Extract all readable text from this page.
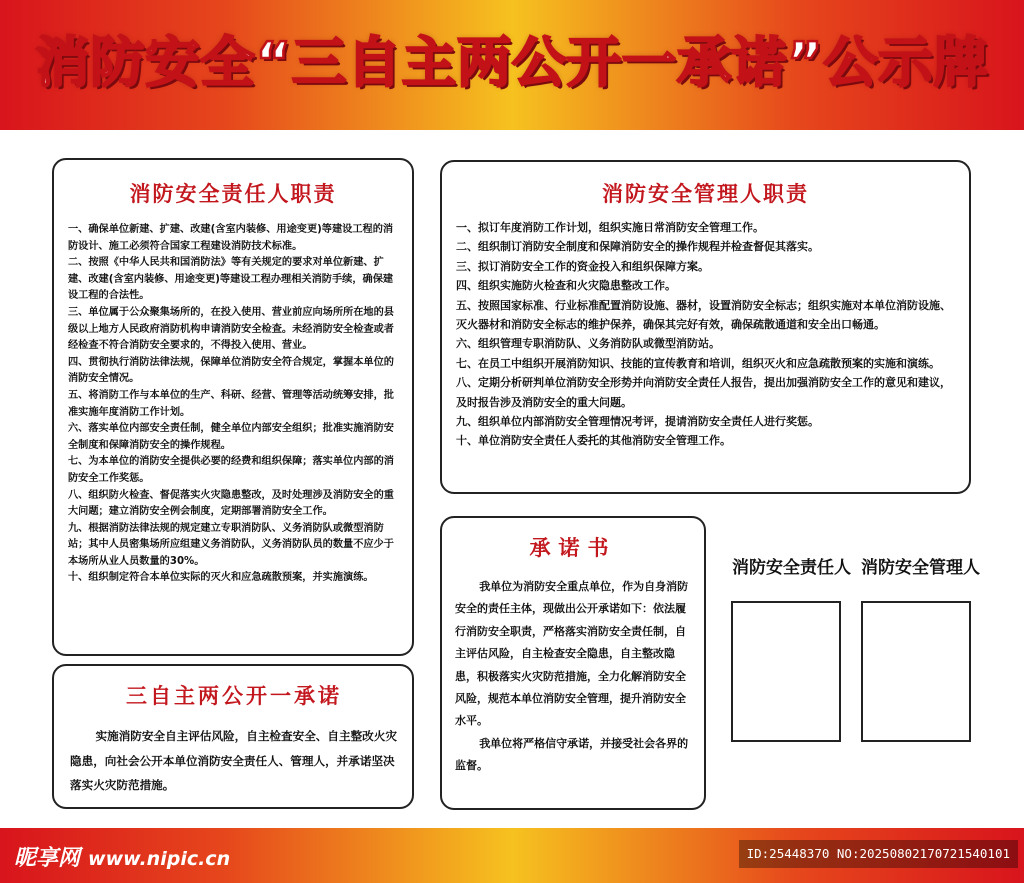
消防安全“三自主两公开一承诺”公示牌
消防安全责任人职责
一、确保单位新建、扩建、改建(含室内装修、用途变更)等建设工程的消防设计、施工必须符合国家工程建设消防技术标准。
二、按照《中华人民共和国消防法》等有关规定的要求对单位新建、扩建、改建(含室内装修、用途变更)等建设工程办理相关消防手续，确保建设工程的合法性。
三、单位属于公众聚集场所的，在投入使用、营业前应向场所所在地的县级以上地方人民政府消防机构申请消防安全检查。未经消防安全检查或者经检查不符合消防安全要求的，不得投入使用、营业。
四、贯彻执行消防法律法规，保障单位消防安全符合规定，掌握本单位的消防安全情况。
五、将消防工作与本单位的生产、科研、经营、管理等活动统筹安排，批准实施年度消防工作计划。
六、落实单位内部安全责任制，健全单位内部安全组织；批准实施消防安全制度和保障消防安全的操作规程。
七、为本单位的消防安全提供必要的经费和组织保障；落实单位内部的消防安全工作奖惩。
八、组织防火检查、督促落实火灾隐患整改，及时处理涉及消防安全的重大问题；建立消防安全例会制度，定期部署消防安全工作。
九、根据消防法律法规的规定建立专职消防队、义务消防队或微型消防站；其中人员密集场所应组建义务消防队，义务消防队员的数量不应少于本场所从业人员数量的30%。
十、组织制定符合本单位实际的灭火和应急疏散预案，并实施演练。
消防安全管理人职责
一、拟订年度消防工作计划，组织实施日常消防安全管理工作。
二、组织制订消防安全制度和保障消防安全的操作规程并检查督促其落实。
三、拟订消防安全工作的资金投入和组织保障方案。
四、组织实施防火检查和火灾隐患整改工作。
五、按照国家标准、行业标准配置消防设施、器材，设置消防安全标志；组织实施对本单位消防设施、灭火器材和消防安全标志的维护保养，确保其完好有效，确保疏散通道和安全出口畅通。
六、组织管理专职消防队、义务消防队或微型消防站。
七、在员工中组织开展消防知识、技能的宣传教育和培训，组织灭火和应急疏散预案的实施和演练。
八、定期分析研判单位消防安全形势并向消防安全责任人报告，提出加强消防安全工作的意见和建议，及时报告涉及消防安全的重大问题。
九、组织单位内部消防安全管理情况考评，提请消防安全责任人进行奖惩。
十、单位消防安全责任人委托的其他消防安全管理工作。
三自主两公开一承诺
实施消防安全自主评估风险，自主检查安全、自主整改火灾隐患，向社会公开本单位消防安全责任人、管理人，并承诺坚决落实火灾防范措施。
承诺书
我单位为消防安全重点单位，作为自身消防安全的责任主体，现做出公开承诺如下：依法履行消防安全职责，严格落实消防安全责任制，自主评估风险，自主检查安全隐患，自主整改隐患，积极落实火灾防范措施，全力化解消防安全风险，规范本单位消防安全管理，提升消防安全水平。
我单位将严格信守承诺，并接受社会各界的监督。
消防安全责任人 消防安全管理人
昵享网 www.nipic.cn	ID:25448370 NO:20250802170721540101
